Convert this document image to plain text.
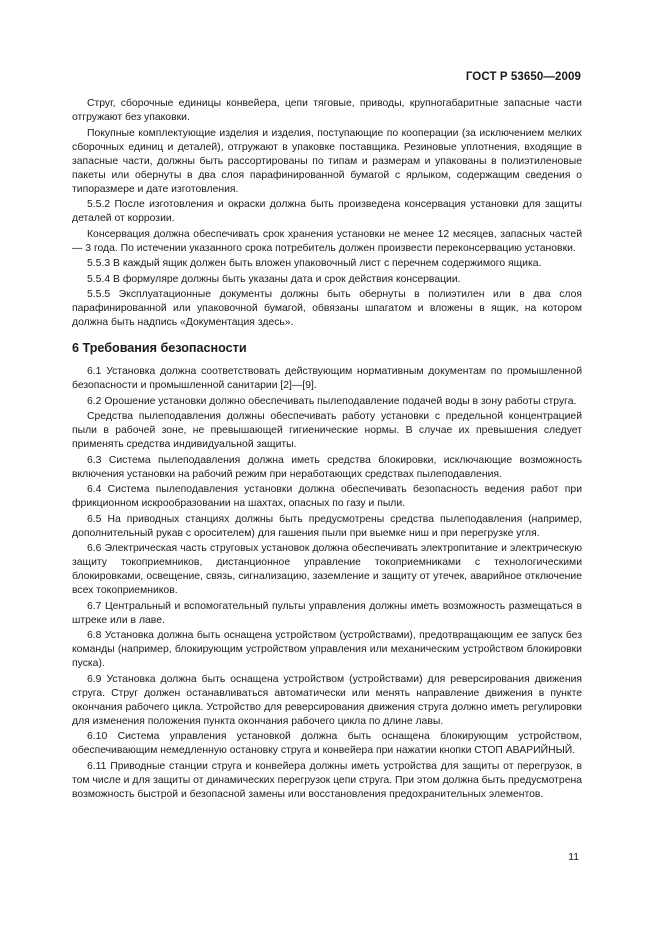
ГОСТ Р 53650—2009

Струг, сборочные единицы конвейера, цепи тяговые, приводы, крупногабаритные запасные части отгружают без упаковки.

Покупные комплектующие изделия и изделия, поступающие по кооперации (за исключением мелких сборочных единиц и деталей), отгружают в упаковке поставщика. Резиновые уплотнения, входящие в запасные части, должны быть рассортированы по типам и размерам и упакованы в полиэтиленовые пакеты или обернуты в два слоя парафинированной бумагой с ярлыком, содержащим сведения о типоразмере и дате изготовления.

5.5.2 После изготовления и окраски должна быть произведена консервация установки для защиты деталей от коррозии.

Консервация должна обеспечивать срок хранения установки не менее 12 месяцев, запасных частей — 3 года. По истечении указанного срока потребитель должен произвести переконсервацию установки.

5.5.3 В каждый ящик должен быть вложен упаковочный лист с перечнем содержимого ящика.

5.5.4 В формуляре должны быть указаны дата и срок действия консервации.

5.5.5 Эксплуатационные документы должны быть обернуты в полиэтилен или в два слоя парафинированной или упаковочной бумагой, обвязаны шпагатом и вложены в ящик, на котором должна быть надпись «Документация здесь».

6 Требования безопасности

6.1 Установка должна соответствовать действующим нормативным документам по промышленной безопасности и промышленной санитарии [2]—[9].

6.2 Орошение установки должно обеспечивать пылеподавление подачей воды в зону работы струга.

Средства пылеподавления должны обеспечивать работу установки с предельной концентрацией пыли в рабочей зоне, не превышающей гигиенические нормы. В случае их превышения следует применять средства индивидуальной защиты.

6.3 Система пылеподавления должна иметь средства блокировки, исключающие возможность включения установки на рабочий режим при неработающих средствах пылеподавления.

6.4 Система пылеподавления установки должна обеспечивать безопасность ведения работ при фрикционном искрообразовании на шахтах, опасных по газу и пыли.

6.5 На приводных станциях должны быть предусмотрены средства пылеподавления (например, дополнительный рукав с оросителем) для гашения пыли при выемке ниш и при перегрузке угля.

6.6 Электрическая часть струговых установок должна обеспечивать электропитание и электрическую защиту токоприемников, дистанционное управление токоприемниками с технологическими блокировками, освещение, связь, сигнализацию, заземление и защиту от утечек, аварийное отключение всех токоприемников.

6.7 Центральный и вспомогательный пульты управления должны иметь возможность размещаться в штреке или в лаве.

6.8 Установка должна быть оснащена устройством (устройствами), предотвращающим ее запуск без команды (например, блокирующим устройством управления или механическим устройством блокировки пуска).

6.9 Установка должна быть оснащена устройством (устройствами) для реверсирования движения струга. Струг должен останавливаться автоматически или менять направление движения в пункте окончания рабочего цикла. Устройство для реверсирования движения струга должно иметь регулировки для изменения положения пункта окончания рабочего цикла по длине лавы.

6.10 Система управления установкой должна быть оснащена блокирующим устройством, обеспечивающим немедленную остановку струга и конвейера при нажатии кнопки СТОП АВАРИЙНЫЙ.

6.11 Приводные станции струга и конвейера должны иметь устройства для защиты от перегрузок, в том числе и для защиты от динамических перегрузок цепи струга. При этом должна быть предусмотрена возможность быстрой и безопасной замены или восстановления предохранительных элементов.

11
